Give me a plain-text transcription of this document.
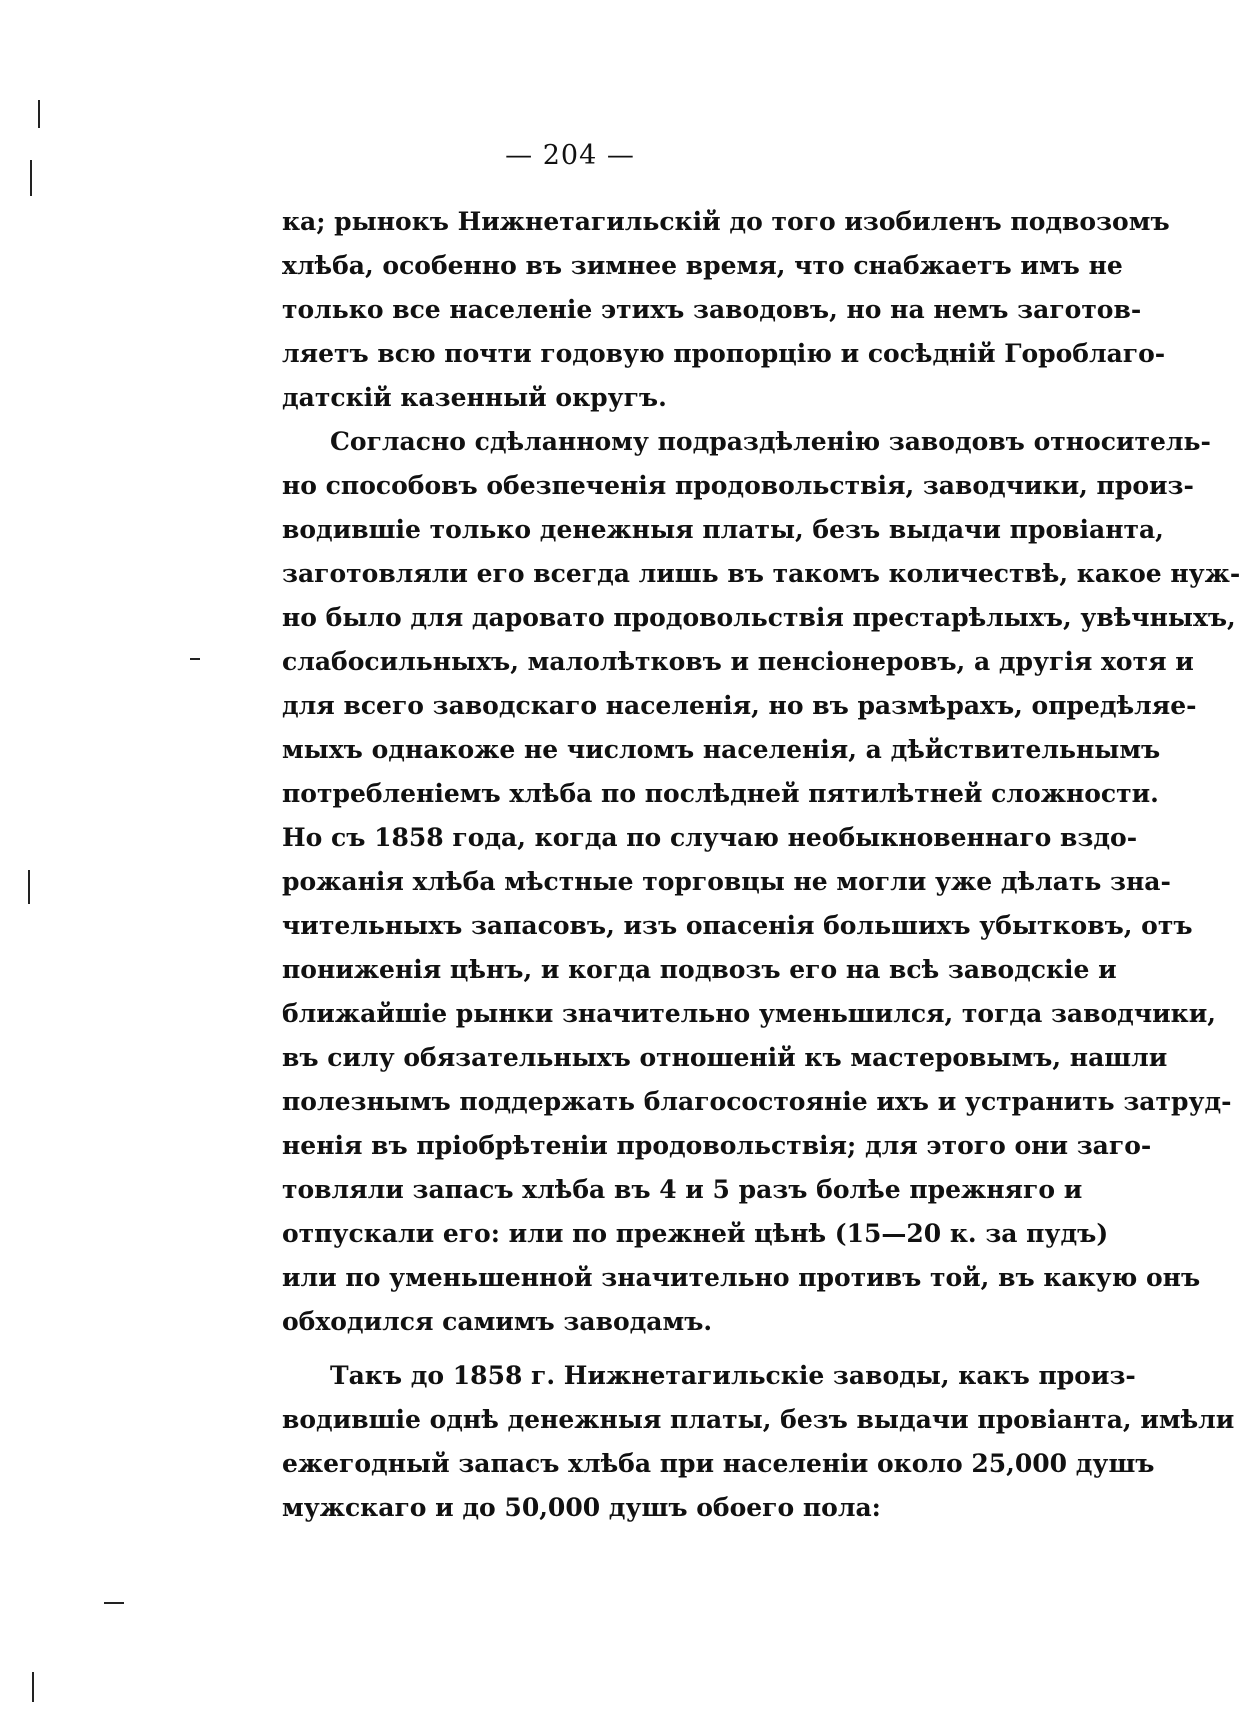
— 204 —
ка; рынокъ Нижнетагильскій до того изобиленъ подвозомъ
хлѣба, особенно въ зимнее время, что снабжаетъ имъ не
только все населеніе этихъ заводовъ, но на немъ заготов-
ляетъ всю почти годовую пропорцію и сосѣдній Гороблаго-
датскій казенный округъ.
Согласно сдѣланному подраздѣленію заводовъ относитель-
но способовъ обезпеченія продовольствія, заводчики, произ-
водившіе только денежныя платы, безъ выдачи провіанта,
заготовляли его всегда лишь въ такомъ количествѣ, какое нуж-
но было для даровато продовольствія престарѣлыхъ, увѣчныхъ,
слабосильныхъ, малолѣтковъ и пенсіонеровъ, а другія хотя и
для всего заводскаго населенія, но въ размѣрахъ, опредѣляе-
мыхъ однакоже не числомъ населенія, а дѣйствительнымъ
потребленіемъ хлѣба по послѣдней пятилѣтней сложности.
Но съ 1858 года, когда по случаю необыкновеннаго вздо-
рожанія хлѣба мѣстные торговцы не могли уже дѣлать зна-
чительныхъ запасовъ, изъ опасенія большихъ убытковъ, отъ
пониженія цѣнъ, и когда подвозъ его на всѣ заводскіе и
ближайшіе рынки значительно уменьшился, тогда заводчики,
въ силу обязательныхъ отношеній къ мастеровымъ, нашли
полезнымъ поддержать благосостояніе ихъ и устранить затруд-
ненія въ пріобрѣтеніи продовольствія; для этого они заго-
товляли запасъ хлѣба въ 4 и 5 разъ болѣе прежняго и
отпускали его: или по прежней цѣнѣ (15—20 к. за пудъ)
или по уменьшенной значительно противъ той, въ какую онъ
обходился самимъ заводамъ.
Такъ до 1858 г. Нижнетагильскіе заводы, какъ произ-
водившіе однѣ денежныя платы, безъ выдачи провіанта, имѣли
ежегодный запасъ хлѣба при населеніи около 25,000 душъ
мужскаго и до 50,000 душъ обоего пола:
